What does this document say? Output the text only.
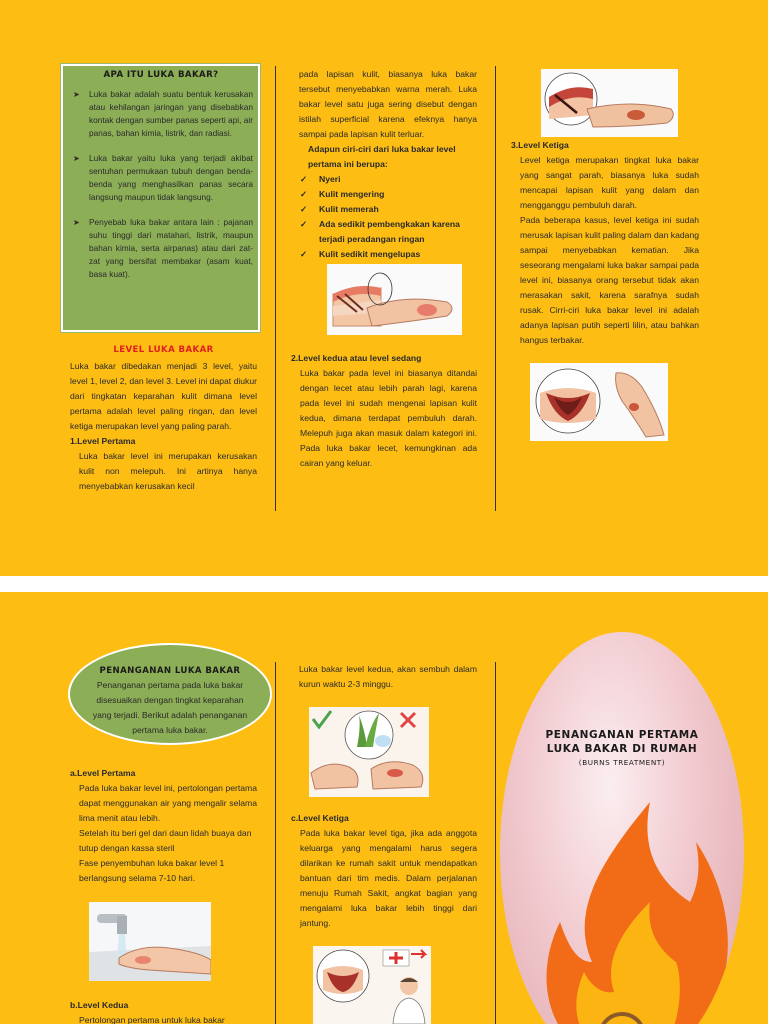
APA ITU LUKA BAKAR?
➤ Luka bakar adalah suatu bentuk kerusakan atau kehilangan jaringan yang disebabkan kontak dengan sumber panas seperti api, air panas, bahan kimia, listrik, dan radiasi.
➤ Luka bakar yaitu luka yang terjadi akibat sentuhan permukaan tubuh dengan benda-benda yang menghasilkan panas secara langsung maupun tidak langsung.
➤ Penyebab luka bakar antara lain : pajanan suhu tinggi dari matahari, listrik, maupun bahan kimia, serta airpanas) atau dari zat-zat yang bersifat membakar (asam kuat, basa kuat).
LEVEL LUKA BAKAR

Luka bakar dibedakan menjadi 3 level, yaitu level 1, level 2, dan level 3. Level ini dapat diukur dari tingkatan keparahan kulit dimana level pertama adalah level paling ringan, dan level ketiga merupakan level yang paling parah.

1.Level Pertama

Luka bakar level ini merupakan kerusakan kulit non melepuh. Ini artinya hanya menyebabkan kerusakan kecil

pada lapisan kulit, biasanya luka bakar tersebut menyebabkan warna merah. Luka bakar level satu juga sering disebut dengan istilah superficial karena efeknya hanya sampai pada lapisan kulit terluar.

Adapun ciri-ciri dari luka bakar level pertama ini berupa:

✓ Nyeri
✓ Kulit mengering
✓ Kulit memerah
✓ Ada sedikit pembengkakan karena terjadi peradangan ringan
✓ Kulit sedikit mengelupas

2.Level kedua atau level sedang

Luka bakar pada level ini biasanya ditandai dengan lecet atau lebih parah lagi, karena pada level ini sudah mengenai lapisan kulit kedua, dimana terdapat pembuluh darah. Melepuh juga akan masuk dalam kategori ini. Pada luka bakar lecet, kemungkinan ada cairan yang keluar.

3.Level Ketiga

Level ketiga merupakan tingkat luka bakar yang sangat parah, biasanya luka sudah mencapai lapisan kulit yang dalam dan mengganggu pembuluh darah.

Pada beberapa kasus, level ketiga ini sudah merusak lapisan kulit paling dalam dan kadang sampai menyebabkan kematian. Jika seseorang mengalami luka bakar sampai pada level ini, biasanya orang tersebut tidak akan merasakan sakit, karena sarafnya sudah rusak. Cirri-ciri luka bakar level ini adalah adanya lapisan putih seperti lilin, atau bahkan hangus terbakar.

PENANGANAN LUKA BAKAR

Penanganan pertama pada luka bakar disesuaikan dengan tingkat keparahan yang terjadi. Berikut adalah penanganan pertama luka bakar.

a.Level Pertama

Pada luka bakar level ini, pertolongan pertama dapat menggunakan air yang mengalir selama lima menit atau lebih.

Setelah itu beri gel dari daun lidah buaya dan tutup dengan kassa steril

Fase penyembuhan luka bakar level 1 berlangsung selama 7-10 hari.

b.Level Kedua

Pertolongan pertama untuk luka bakar

Luka bakar level kedua, akan sembuh dalam kurun waktu 2-3 minggu.

c.Level Ketiga

Pada luka bakar level tiga, jika ada anggota keluarga yang mengalami harus segera dilarikan ke rumah sakit untuk mendapatkan bantuan dari tim medis. Dalam perjalanan menuju Rumah Sakit, angkat bagian yang mengalami luka bakar lebih tinggi dari jantung.

PENANGANAN PERTAMA
LUKA BAKAR DI RUMAH
(BURNS TREATMENT)
